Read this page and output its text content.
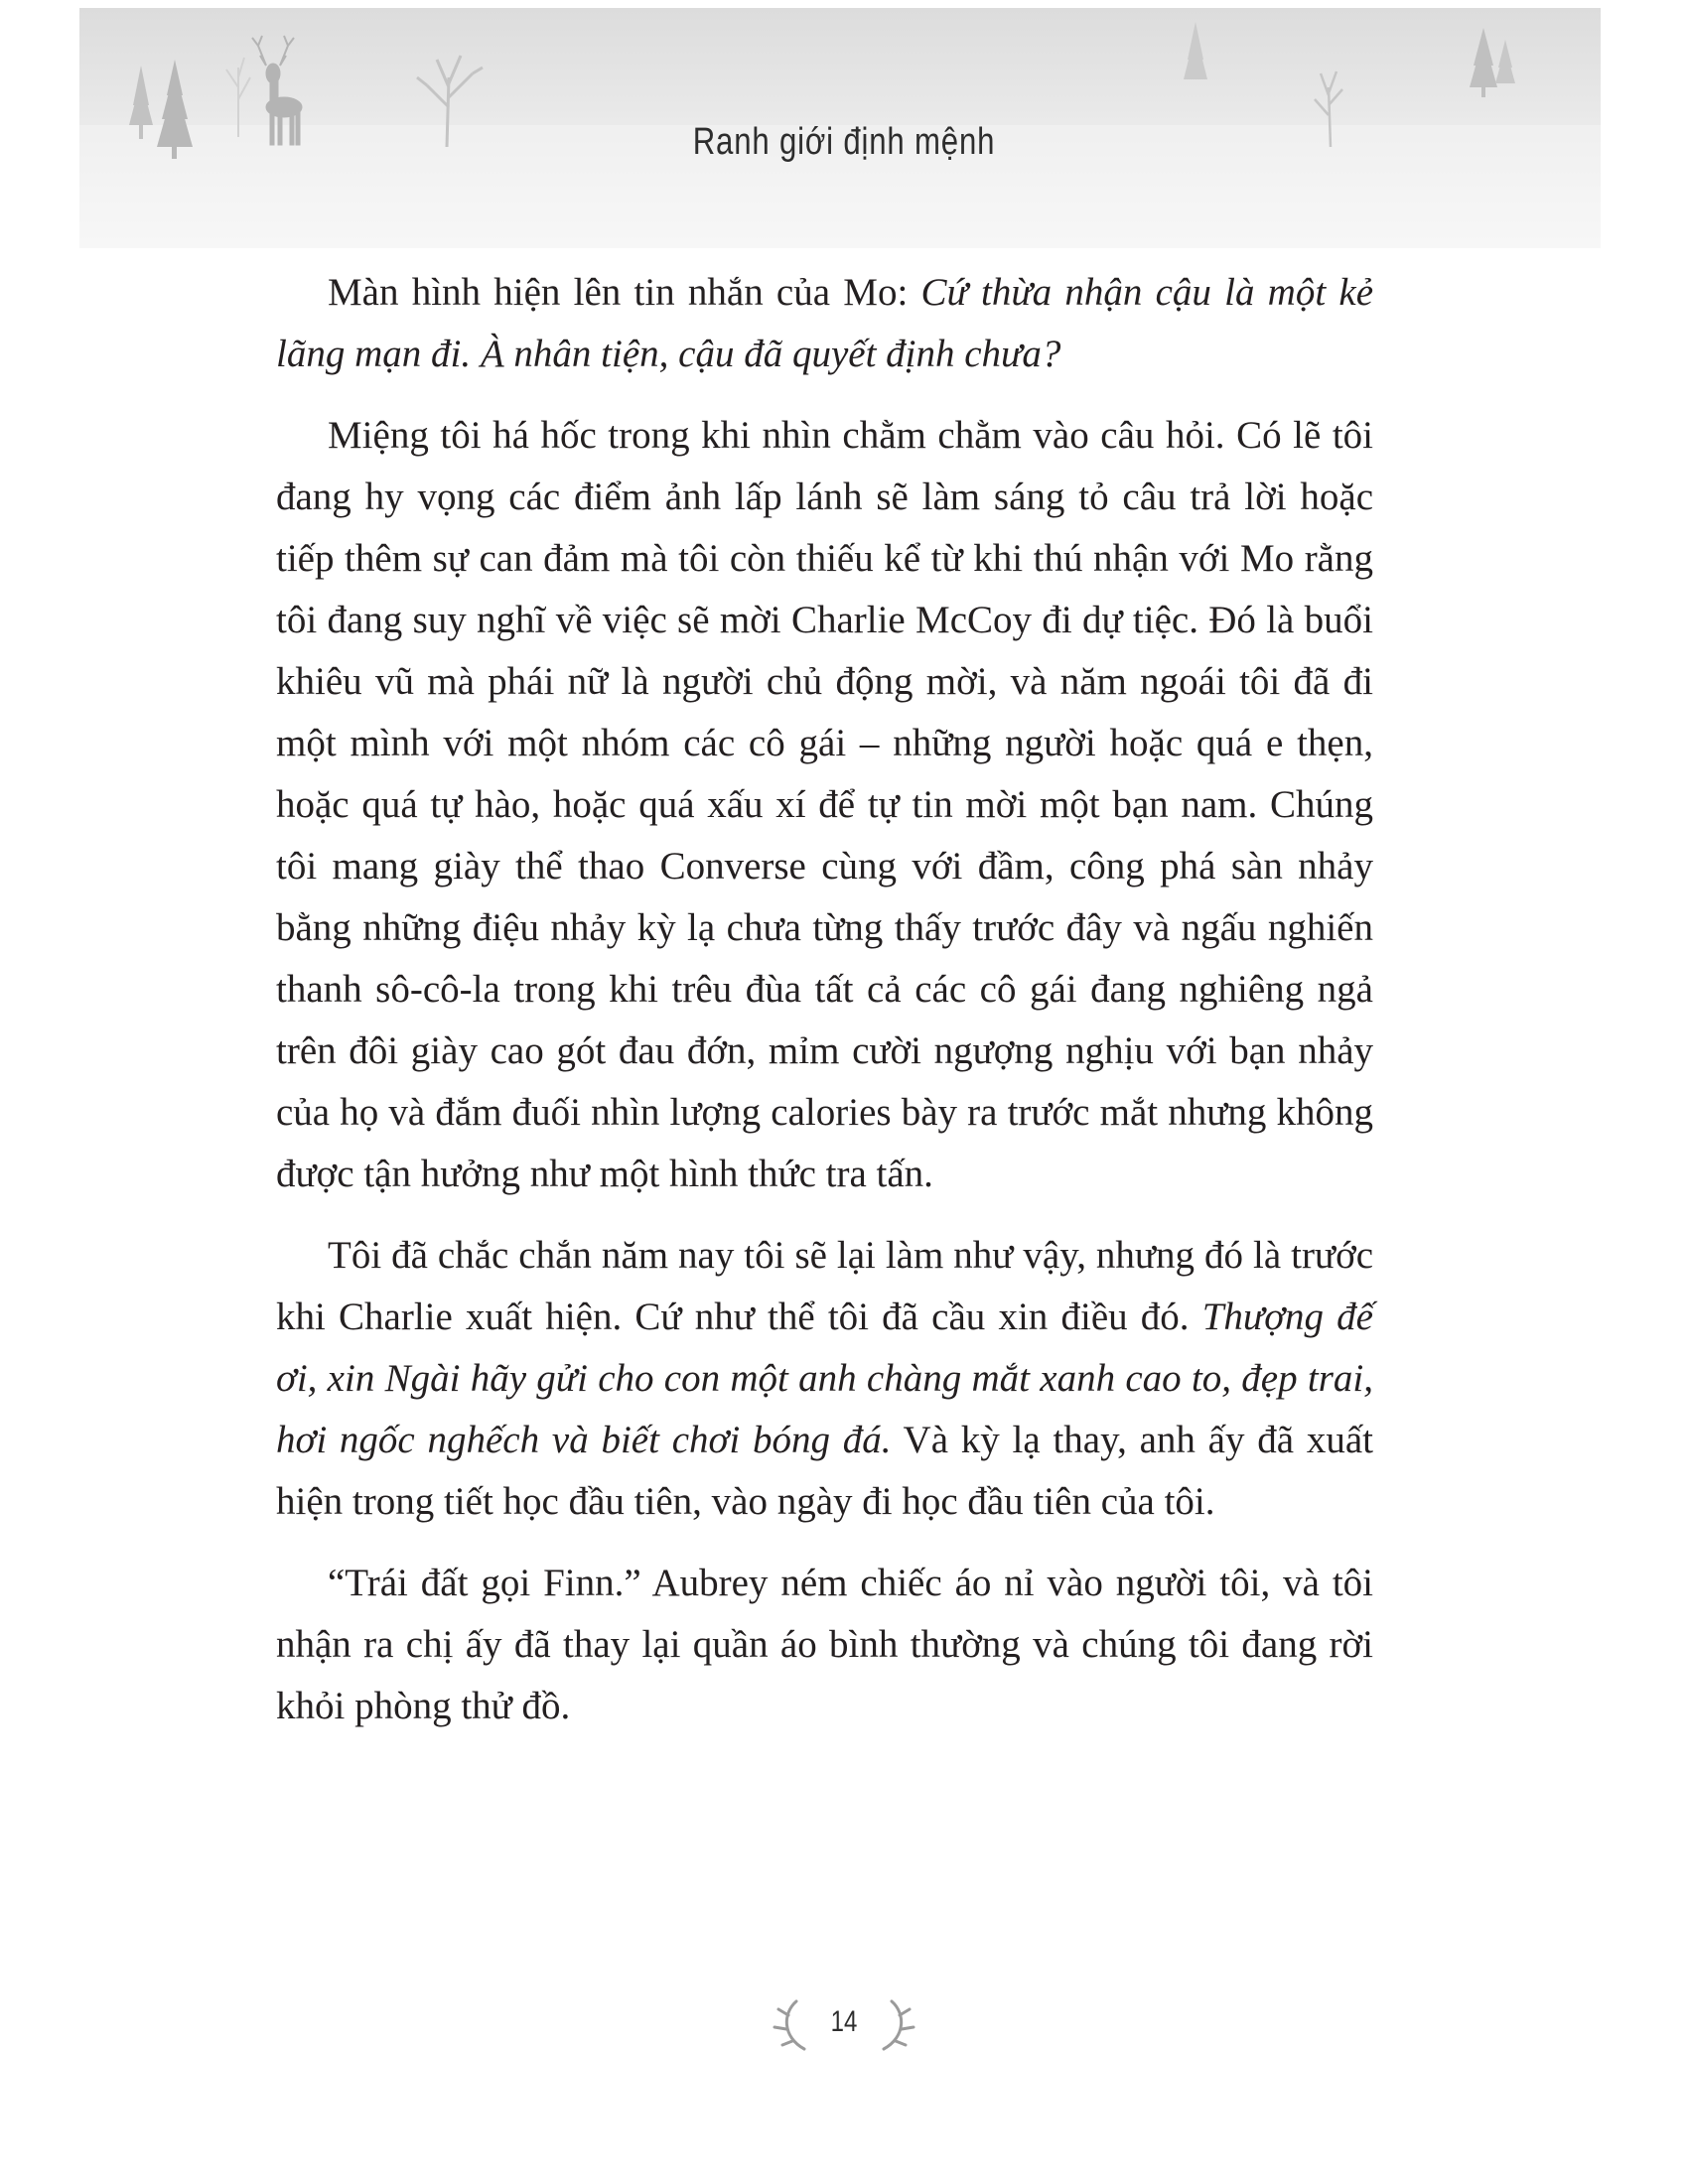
Ranh giới định mệnh

Màn hình hiện lên tin nhắn của Mo: Cứ thừa nhận cậu là một kẻ lãng mạn đi. À nhân tiện, cậu đã quyết định chưa?

Miệng tôi há hốc trong khi nhìn chằm chằm vào câu hỏi. Có lẽ tôi đang hy vọng các điểm ảnh lấp lánh sẽ làm sáng tỏ câu trả lời hoặc tiếp thêm sự can đảm mà tôi còn thiếu kể từ khi thú nhận với Mo rằng tôi đang suy nghĩ về việc sẽ mời Charlie McCoy đi dự tiệc. Đó là buổi khiêu vũ mà phái nữ là người chủ động mời, và năm ngoái tôi đã đi một mình với một nhóm các cô gái – những người hoặc quá e thẹn, hoặc quá tự hào, hoặc quá xấu xí để tự tin mời một bạn nam. Chúng tôi mang giày thể thao Converse cùng với đầm, công phá sàn nhảy bằng những điệu nhảy kỳ lạ chưa từng thấy trước đây và ngấu nghiến thanh sô-cô-la trong khi trêu đùa tất cả các cô gái đang nghiêng ngả trên đôi giày cao gót đau đớn, mỉm cười ngượng nghịu với bạn nhảy của họ và đắm đuối nhìn lượng calories bày ra trước mắt nhưng không được tận hưởng như một hình thức tra tấn.

Tôi đã chắc chắn năm nay tôi sẽ lại làm như vậy, nhưng đó là trước khi Charlie xuất hiện. Cứ như thể tôi đã cầu xin điều đó. Thượng đế ơi, xin Ngài hãy gửi cho con một anh chàng mắt xanh cao to, đẹp trai, hơi ngốc nghếch và biết chơi bóng đá. Và kỳ lạ thay, anh ấy đã xuất hiện trong tiết học đầu tiên, vào ngày đi học đầu tiên của tôi.

“Trái đất gọi Finn.” Aubrey ném chiếc áo nỉ vào người tôi, và tôi nhận ra chị ấy đã thay lại quần áo bình thường và chúng tôi đang rời khỏi phòng thử đồ.

14
